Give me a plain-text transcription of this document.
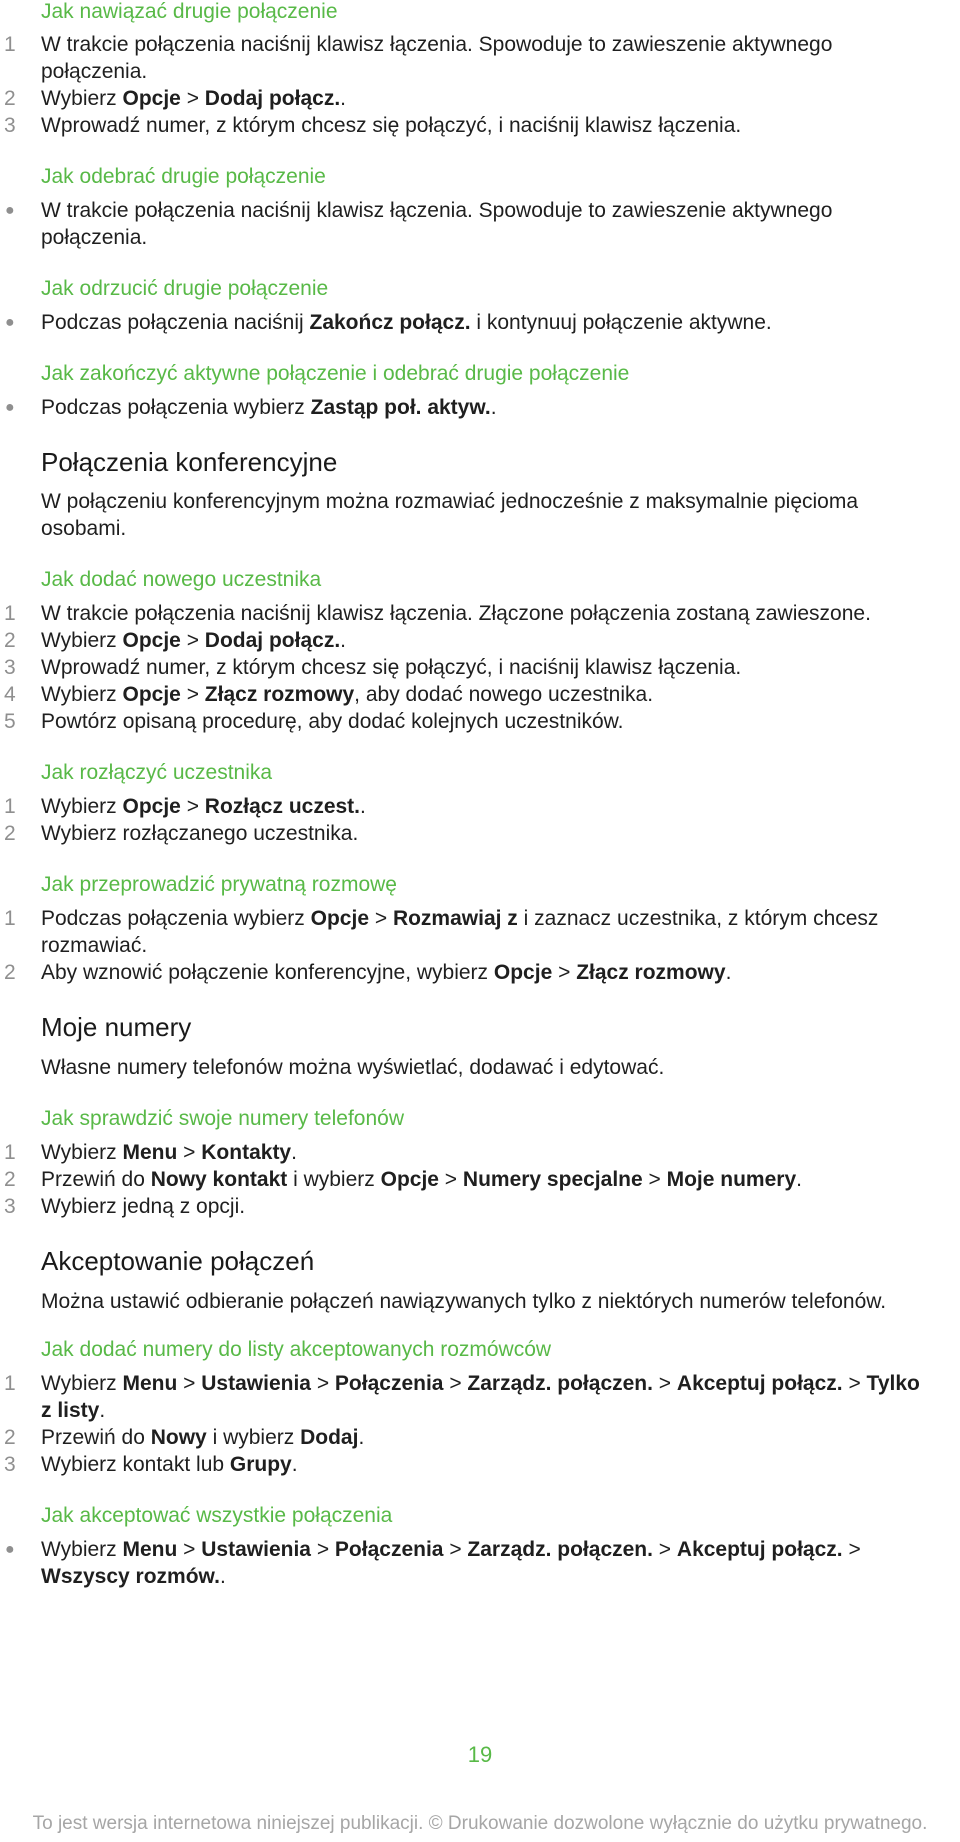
Jak nawiązać drugie połączenie
1 W trakcie połączenia naciśnij klawisz łączenia. Spowoduje to zawieszenie aktywnego połączenia.
2 Wybierz Opcje > Dodaj połącz..
3 Wprowadź numer, z którym chcesz się połączyć, i naciśnij klawisz łączenia.
Jak odebrać drugie połączenie
● W trakcie połączenia naciśnij klawisz łączenia. Spowoduje to zawieszenie aktywnego połączenia.
Jak odrzucić drugie połączenie
● Podczas połączenia naciśnij Zakończ połącz. i kontynuuj połączenie aktywne.
Jak zakończyć aktywne połączenie i odebrać drugie połączenie
● Podczas połączenia wybierz Zastąp poł. aktyw..
Połączenia konferencyjne
W połączeniu konferencyjnym można rozmawiać jednocześnie z maksymalnie pięcioma osobami.
Jak dodać nowego uczestnika
1 W trakcie połączenia naciśnij klawisz łączenia. Złączone połączenia zostaną zawieszone.
2 Wybierz Opcje > Dodaj połącz..
3 Wprowadź numer, z którym chcesz się połączyć, i naciśnij klawisz łączenia.
4 Wybierz Opcje > Złącz rozmowy, aby dodać nowego uczestnika.
5 Powtórz opisaną procedurę, aby dodać kolejnych uczestników.
Jak rozłączyć uczestnika
1 Wybierz Opcje > Rozłącz uczest..
2 Wybierz rozłączanego uczestnika.
Jak przeprowadzić prywatną rozmowę
1 Podczas połączenia wybierz Opcje > Rozmawiaj z i zaznacz uczestnika, z którym chcesz rozmawiać.
2 Aby wznowić połączenie konferencyjne, wybierz Opcje > Złącz rozmowy.
Moje numery
Własne numery telefonów można wyświetlać, dodawać i edytować.
Jak sprawdzić swoje numery telefonów
1 Wybierz Menu > Kontakty.
2 Przewiń do Nowy kontakt i wybierz Opcje > Numery specjalne > Moje numery.
3 Wybierz jedną z opcji.
Akceptowanie połączeń
Można ustawić odbieranie połączeń nawiązywanych tylko z niektórych numerów telefonów.
Jak dodać numery do listy akceptowanych rozmówców
1 Wybierz Menu > Ustawienia > Połączenia > Zarządz. połączen. > Akceptuj połącz. > Tylko z listy.
2 Przewiń do Nowy i wybierz Dodaj.
3 Wybierz kontakt lub Grupy.
Jak akceptować wszystkie połączenia
● Wybierz Menu > Ustawienia > Połączenia > Zarządz. połączen. > Akceptuj połącz. > Wszyscy rozmów..
19
To jest wersja internetowa niniejszej publikacji. © Drukowanie dozwolone wyłącznie do użytku prywatnego.
